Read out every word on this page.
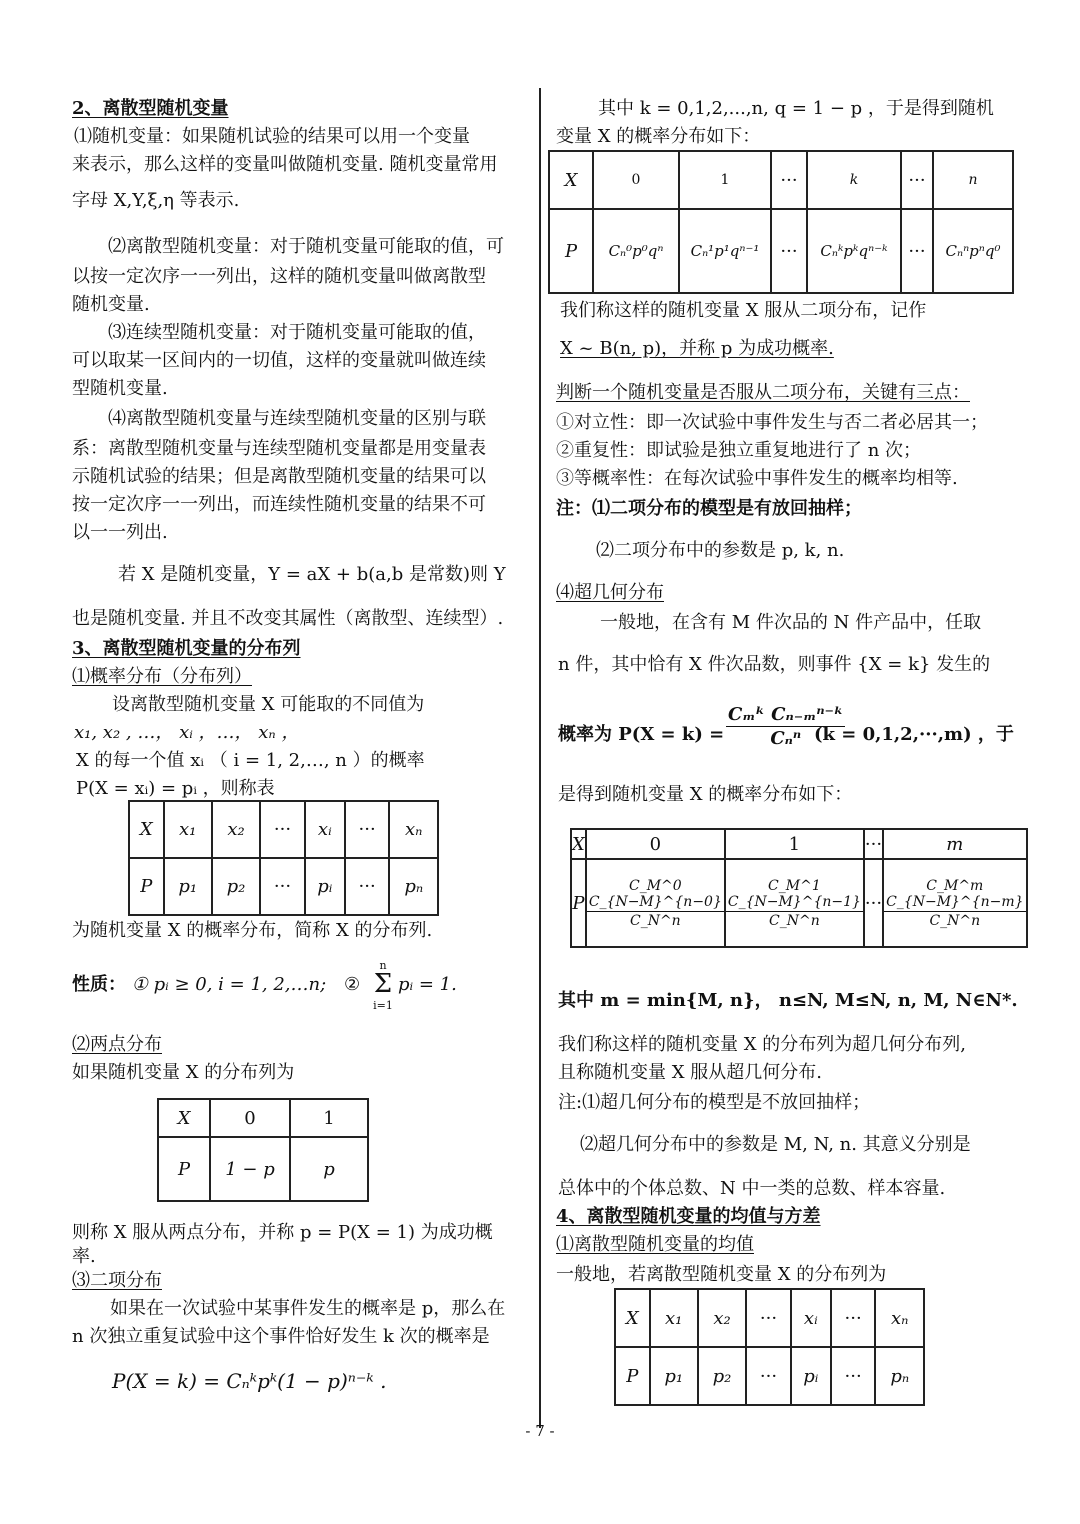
2、离散型随机变量
⑴随机变量：如果随机试验的结果可以用一个变量
来表示，那么这样的变量叫做随机变量. 随机变量常用
字母 X,Y,ξ,η 等表示.
⑵离散型随机变量：对于随机变量可能取的值，可
以按一定次序一一列出，这样的随机变量叫做离散型
随机变量.
⑶连续型随机变量：对于随机变量可能取的值，
可以取某一区间内的一切值，这样的变量就叫做连续
型随机变量.
⑷离散型随机变量与连续型随机变量的区别与联
系：离散型随机变量与连续型随机变量都是用变量表
示随机试验的结果；但是离散型随机变量的结果可以
按一定次序一一列出，而连续性随机变量的结果不可
以一一列出.
若 X 是随机变量，Y = aX + b(a,b 是常数)则 Y
也是随机变量. 并且不改变其属性（离散型、连续型）.
3、离散型随机变量的分布列
⑴概率分布（分布列）
设离散型随机变量 X 可能取的不同值为
x₁, x₂ , …， xᵢ ，…， xₙ ，
X 的每一个值 xᵢ （ i = 1, 2,…, n ）的概率
P(X = xᵢ) = pᵢ ，则称表
X	x₁	x₂	···	xᵢ	···	xₙ
P	p₁	p₂	···	pᵢ	···	pₙ
为随机变量 X 的概率分布，简称 X 的分布列.
性质： ① pᵢ ≥ 0, i = 1, 2,…n; ②
n
Σ
i=1
pᵢ = 1.
⑵两点分布
如果随机变量 X 的分布列为
X	0	1
P	1 − p	p
则称 X 服从两点分布，并称 p = P(X = 1) 为成功概
率.
⑶二项分布
如果在一次试验中某事件发生的概率是 p，那么在
n 次独立重复试验中这个事件恰好发生 k 次的概率是
P(X = k) = Cₙᵏpᵏ(1 − p)ⁿ⁻ᵏ .
其中 k = 0,1,2,...,n, q = 1 − p ，于是得到随机
变量 X 的概率分布如下：
X	0	1	···	k	···	n
P	Cₙ⁰p⁰qⁿ	Cₙ¹p¹qⁿ⁻¹	···	Cₙᵏpᵏqⁿ⁻ᵏ	···	Cₙⁿpⁿq⁰
我们称这样的随机变量 X 服从二项分布，记作
X ~ B(n, p)，并称 p 为成功概率.
判断一个随机变量是否服从二项分布，关键有三点：
①对立性：即一次试验中事件发生与否二者必居其一；
②重复性：即试验是独立重复地进行了 n 次；
③等概率性：在每次试验中事件发生的概率均相等.
注：⑴二项分布的模型是有放回抽样；
⑵二项分布中的参数是 p, k, n.
⑷超几何分布
一般地，在含有 M 件次品的 N 件产品中，任取
n 件，其中恰有 X 件次品数，则事件 {X = k} 发生的
概率为 $P(X = k) = \frac{\text{Cₘᵏ Cₙ₋ₘⁿ⁻ᵏ}}{\text{Cₙⁿ}}$
(k = 0,1,2,···,m) ，于
是得到随机变量 X 的概率分布如下：
X	0	1	···	m
P	$\frac{C\_M\^{}0 C\_\{N-M\}\^{}\{n-0\}}{C\_N\^{}n}$	$\frac{C\_M\^{}1 C\_\{N-M\}\^{}\{n-1\}}{C\_N\^{}n}$	···	$\frac{\text{C\_M\textasciicircum{}m C\_\{N−M\}\textasciicircum{}\{n−m\}}}{C\_N\^{}n}$
其中 m = min{M, n}， n≤N, M≤N, n, M, N∈N*.
我们称这样的随机变量 X 的分布列为超几何分布列,
且称随机变量 X 服从超几何分布.
注:⑴超几何分布的模型是不放回抽样；
⑵超几何分布中的参数是 M, N, n. 其意义分别是
总体中的个体总数、N 中一类的总数、样本容量.
4、离散型随机变量的均值与方差
⑴离散型随机变量的均值
一般地，若离散型随机变量 X 的分布列为
X	x₁	x₂	···	xᵢ	···	xₙ
P	p₁	p₂	···	pᵢ	···	pₙ
- 7 -
